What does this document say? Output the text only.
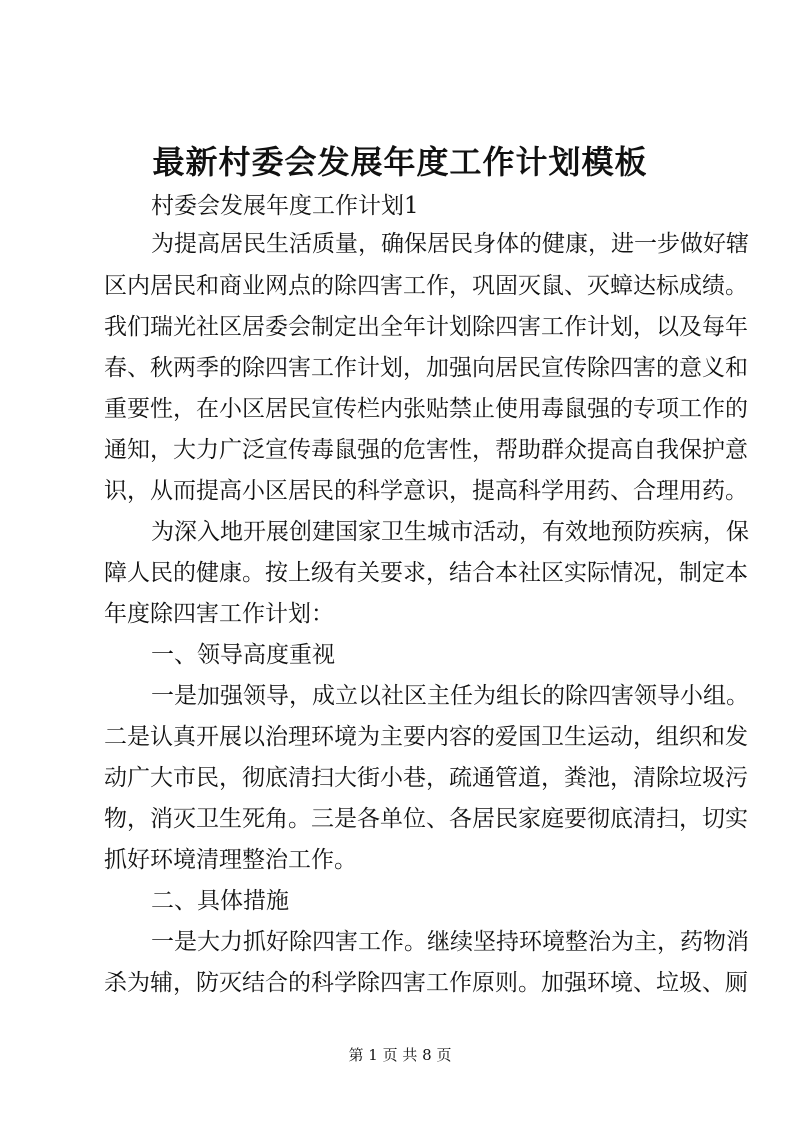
最新村委会发展年度工作计划模板
村委会发展年度工作计划1
为提高居民生活质量，确保居民身体的健康，进一步做好辖
区内居民和商业网点的除四害工作，巩固灭鼠、灭蟑达标成绩。
我们瑞光社区居委会制定出全年计划除四害工作计划，以及每年
春、秋两季的除四害工作计划，加强向居民宣传除四害的意义和
重要性，在小区居民宣传栏内张贴禁止使用毒鼠强的专项工作的
通知，大力广泛宣传毒鼠强的危害性，帮助群众提高自我保护意
识，从而提高小区居民的科学意识，提高科学用药、合理用药。
为深入地开展创建国家卫生城市活动，有效地预防疾病，保
障人民的健康。按上级有关要求，结合本社区实际情况，制定本
年度除四害工作计划：
一、领导高度重视
一是加强领导，成立以社区主任为组长的除四害领导小组。
二是认真开展以治理环境为主要内容的爱国卫生运动，组织和发
动广大市民，彻底清扫大街小巷，疏通管道，粪池，清除垃圾污
物，消灭卫生死角。三是各单位、各居民家庭要彻底清扫，切实
抓好环境清理整治工作。
二、具体措施
一是大力抓好除四害工作。继续坚持环境整治为主，药物消
杀为辅，防灭结合的科学除四害工作原则。加强环境、垃圾、厕
第 1 页 共 8 页
